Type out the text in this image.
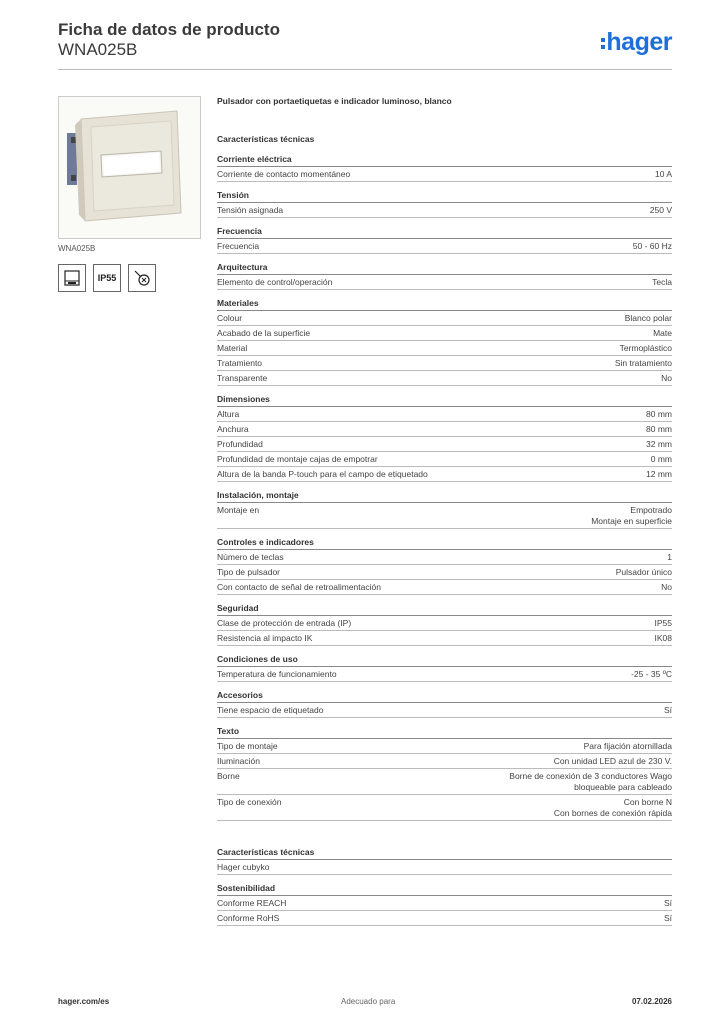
Ficha de datos de producto
WNA025B	hager
WNA025B
IP55
Pulsador con portaetiquetas e indicador luminoso, blanco
Características técnicas
Corriente eléctrica
Corriente de contacto momentáneo	10 A
Tensión
Tensión asignada	250 V
Frecuencia
Frecuencia	50 - 60 Hz
Arquitectura
Elemento de control/operación	Tecla
Materiales
Colour	Blanco polar
Acabado de la superficie	Mate
Material	Termoplástico
Tratamiento	Sin tratamiento
Transparente	No
Dimensiones
Altura	80 mm
Anchura	80 mm
Profundidad	32 mm
Profundidad de montaje cajas de empotrar	0 mm
Altura de la banda P-touch para el campo de etiquetado	12 mm
Instalación, montaje
Montaje en	Empotrado
Montaje en superficie
Controles e indicadores
Número de teclas	1
Tipo de pulsador	Pulsador único
Con contacto de señal de retroalimentación	No
Seguridad
Clase de protección de entrada (IP)	IP55
Resistencia al impacto IK	IK08
Condiciones de uso
Temperatura de funcionamiento	-25 - 35 ºC
Accesorios
Tiene espacio de etiquetado	Sí
Texto
Tipo de montaje	Para fijación atornillada
Iluminación	Con unidad LED azul de 230 V.
Borne	Borne de conexión de 3 conductores Wago
bloqueable para cableado
Tipo de conexión	Con borne N
Con bornes de conexión rápida
Características técnicas
Hager cubyko
Sostenibilidad
Conforme REACH	Sí
Conforme RoHS	Sí
hager.com/es	Adecuado para	07.02.2026
